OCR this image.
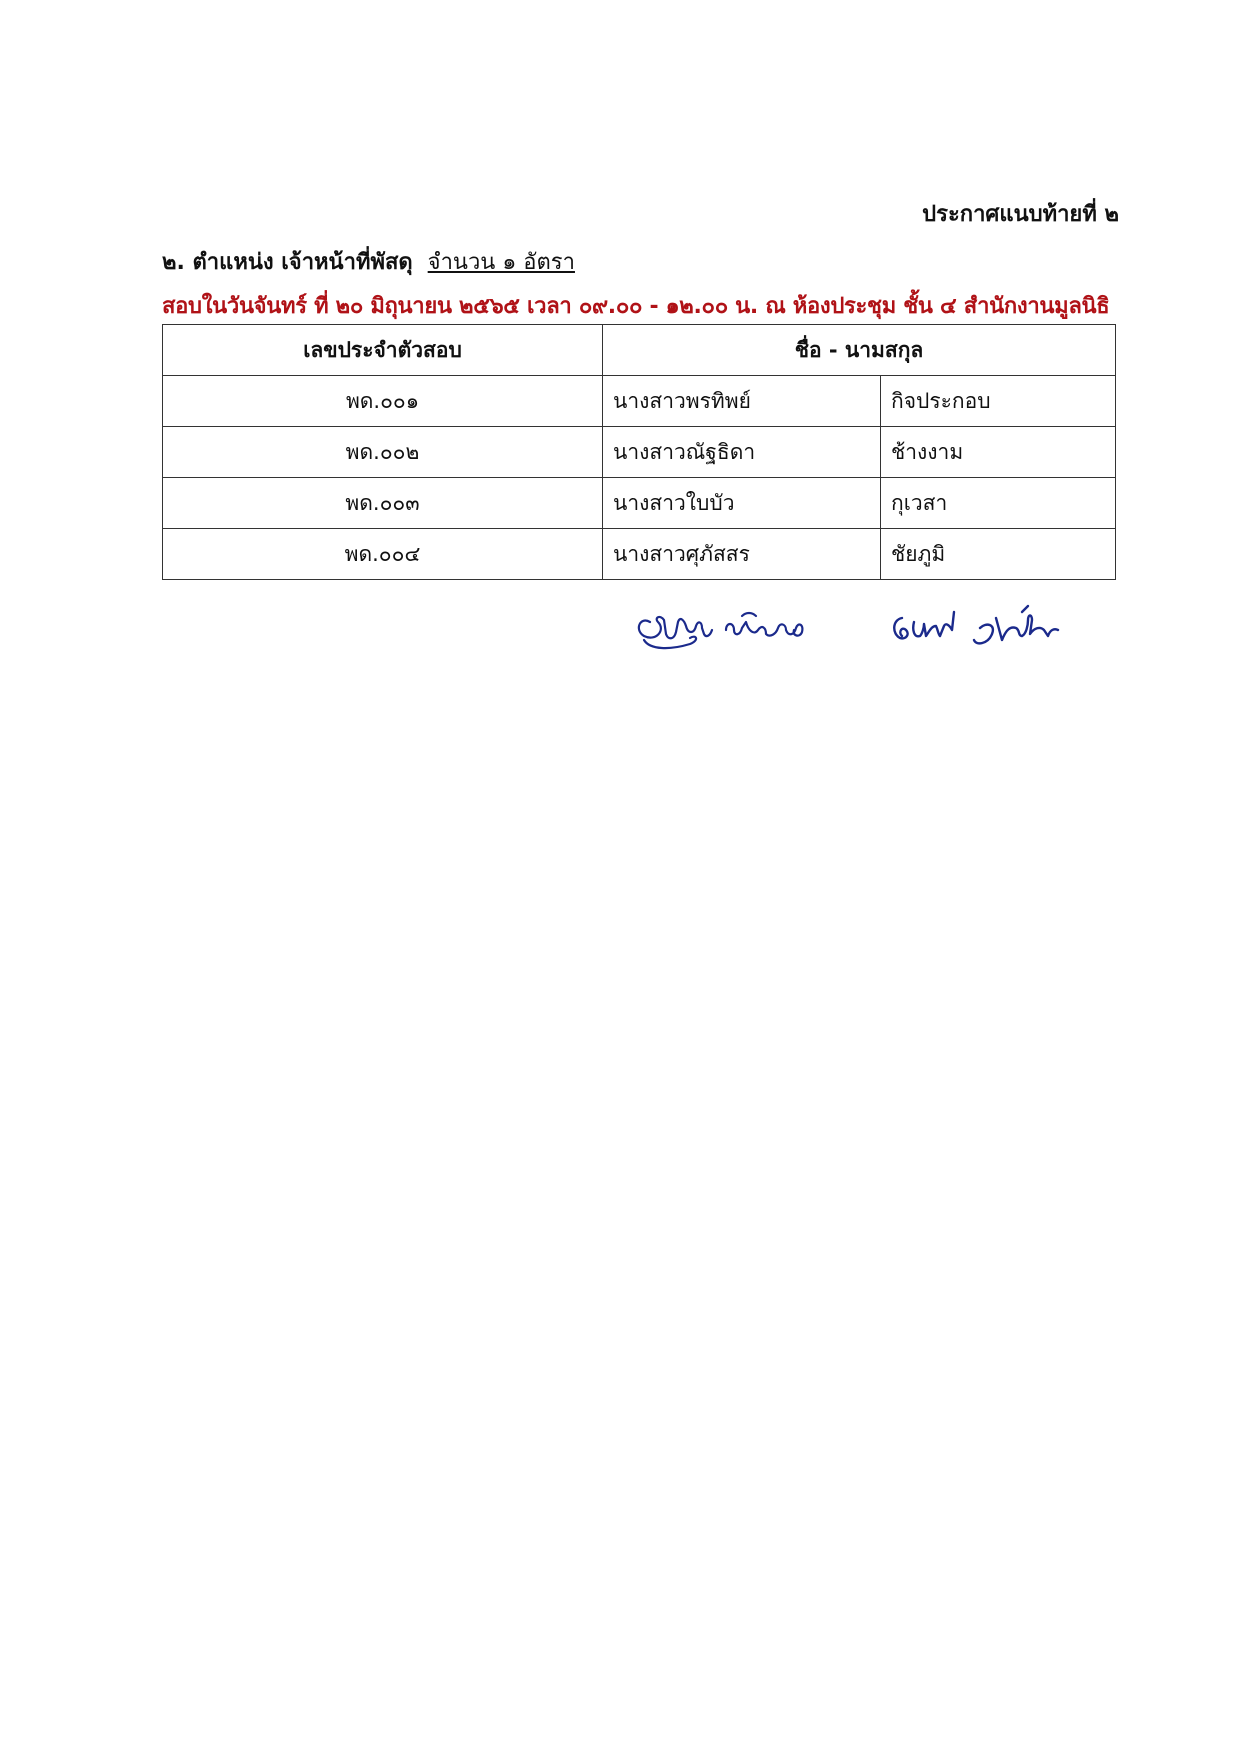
ประกาศแนบท้ายที่ ๒
๒. ตำแหน่ง เจ้าหน้าที่พัสดุ จำนวน ๑ อัตรา
สอบในวันจันทร์ ที่ ๒๐ มิถุนายน ๒๕๖๕ เวลา ๐๙.๐๐ - ๑๒.๐๐ น. ณ ห้องประชุม ชั้น ๔ สำนักงานมูลนิธิ
เลขประจำตัวสอบ	ชื่อ - นามสกุล	
พด.๐๐๑	นางสาวพรทิพย์	กิจประกอบ
พด.๐๐๒	นางสาวณัฐธิดา	ช้างงาม
พด.๐๐๓	นางสาวใบบัว	กุเวสา
พด.๐๐๔	นางสาวศุภัสสร	ชัยภูมิ
